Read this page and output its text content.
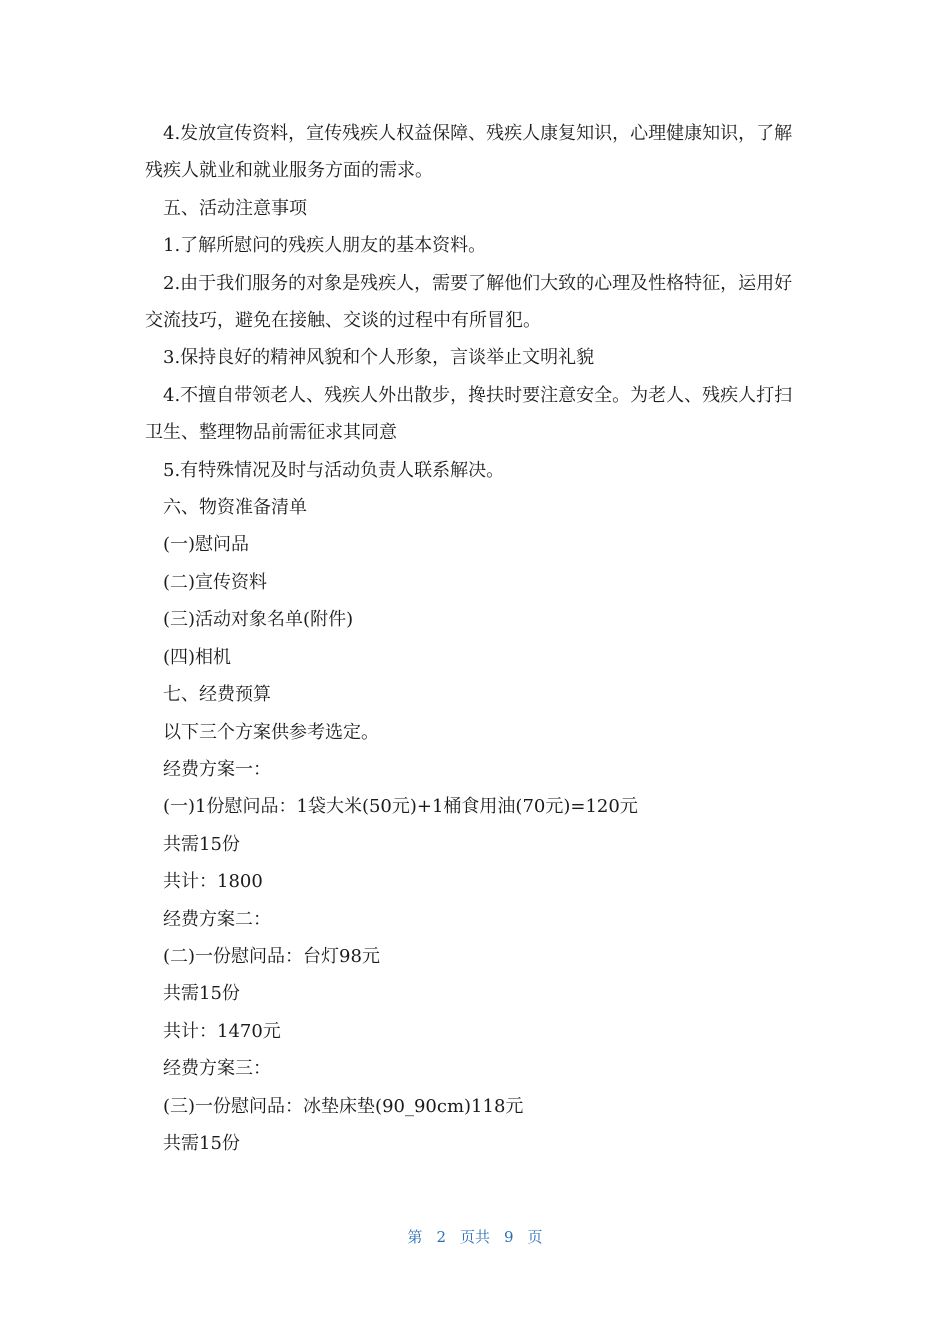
4.发放宣传资料，宣传残疾人权益保障、残疾人康复知识，心理健康知识，了解残疾人就业和就业服务方面的需求。

五、活动注意事项

1.了解所慰问的残疾人朋友的基本资料。

2.由于我们服务的对象是残疾人，需要了解他们大致的心理及性格特征，运用好交流技巧，避免在接触、交谈的过程中有所冒犯。

3.保持良好的精神风貌和个人形象，言谈举止文明礼貌

4.不擅自带领老人、残疾人外出散步，搀扶时要注意安全。为老人、残疾人打扫卫生、整理物品前需征求其同意

5.有特殊情况及时与活动负责人联系解决。

六、物资准备清单

(一)慰问品

(二)宣传资料

(三)活动对象名单(附件)

(四)相机

七、经费预算

以下三个方案供参考选定。

经费方案一：

(一)1份慰问品：1袋大米(50元)+1桶食用油(70元)=120元

共需15份

共计：1800

经费方案二：

(二)一份慰问品：台灯98元

共需15份

共计：1470元

经费方案三：

(三)一份慰问品：冰垫床垫(90_90cm)118元

共需15份

第 2 页共 9 页
